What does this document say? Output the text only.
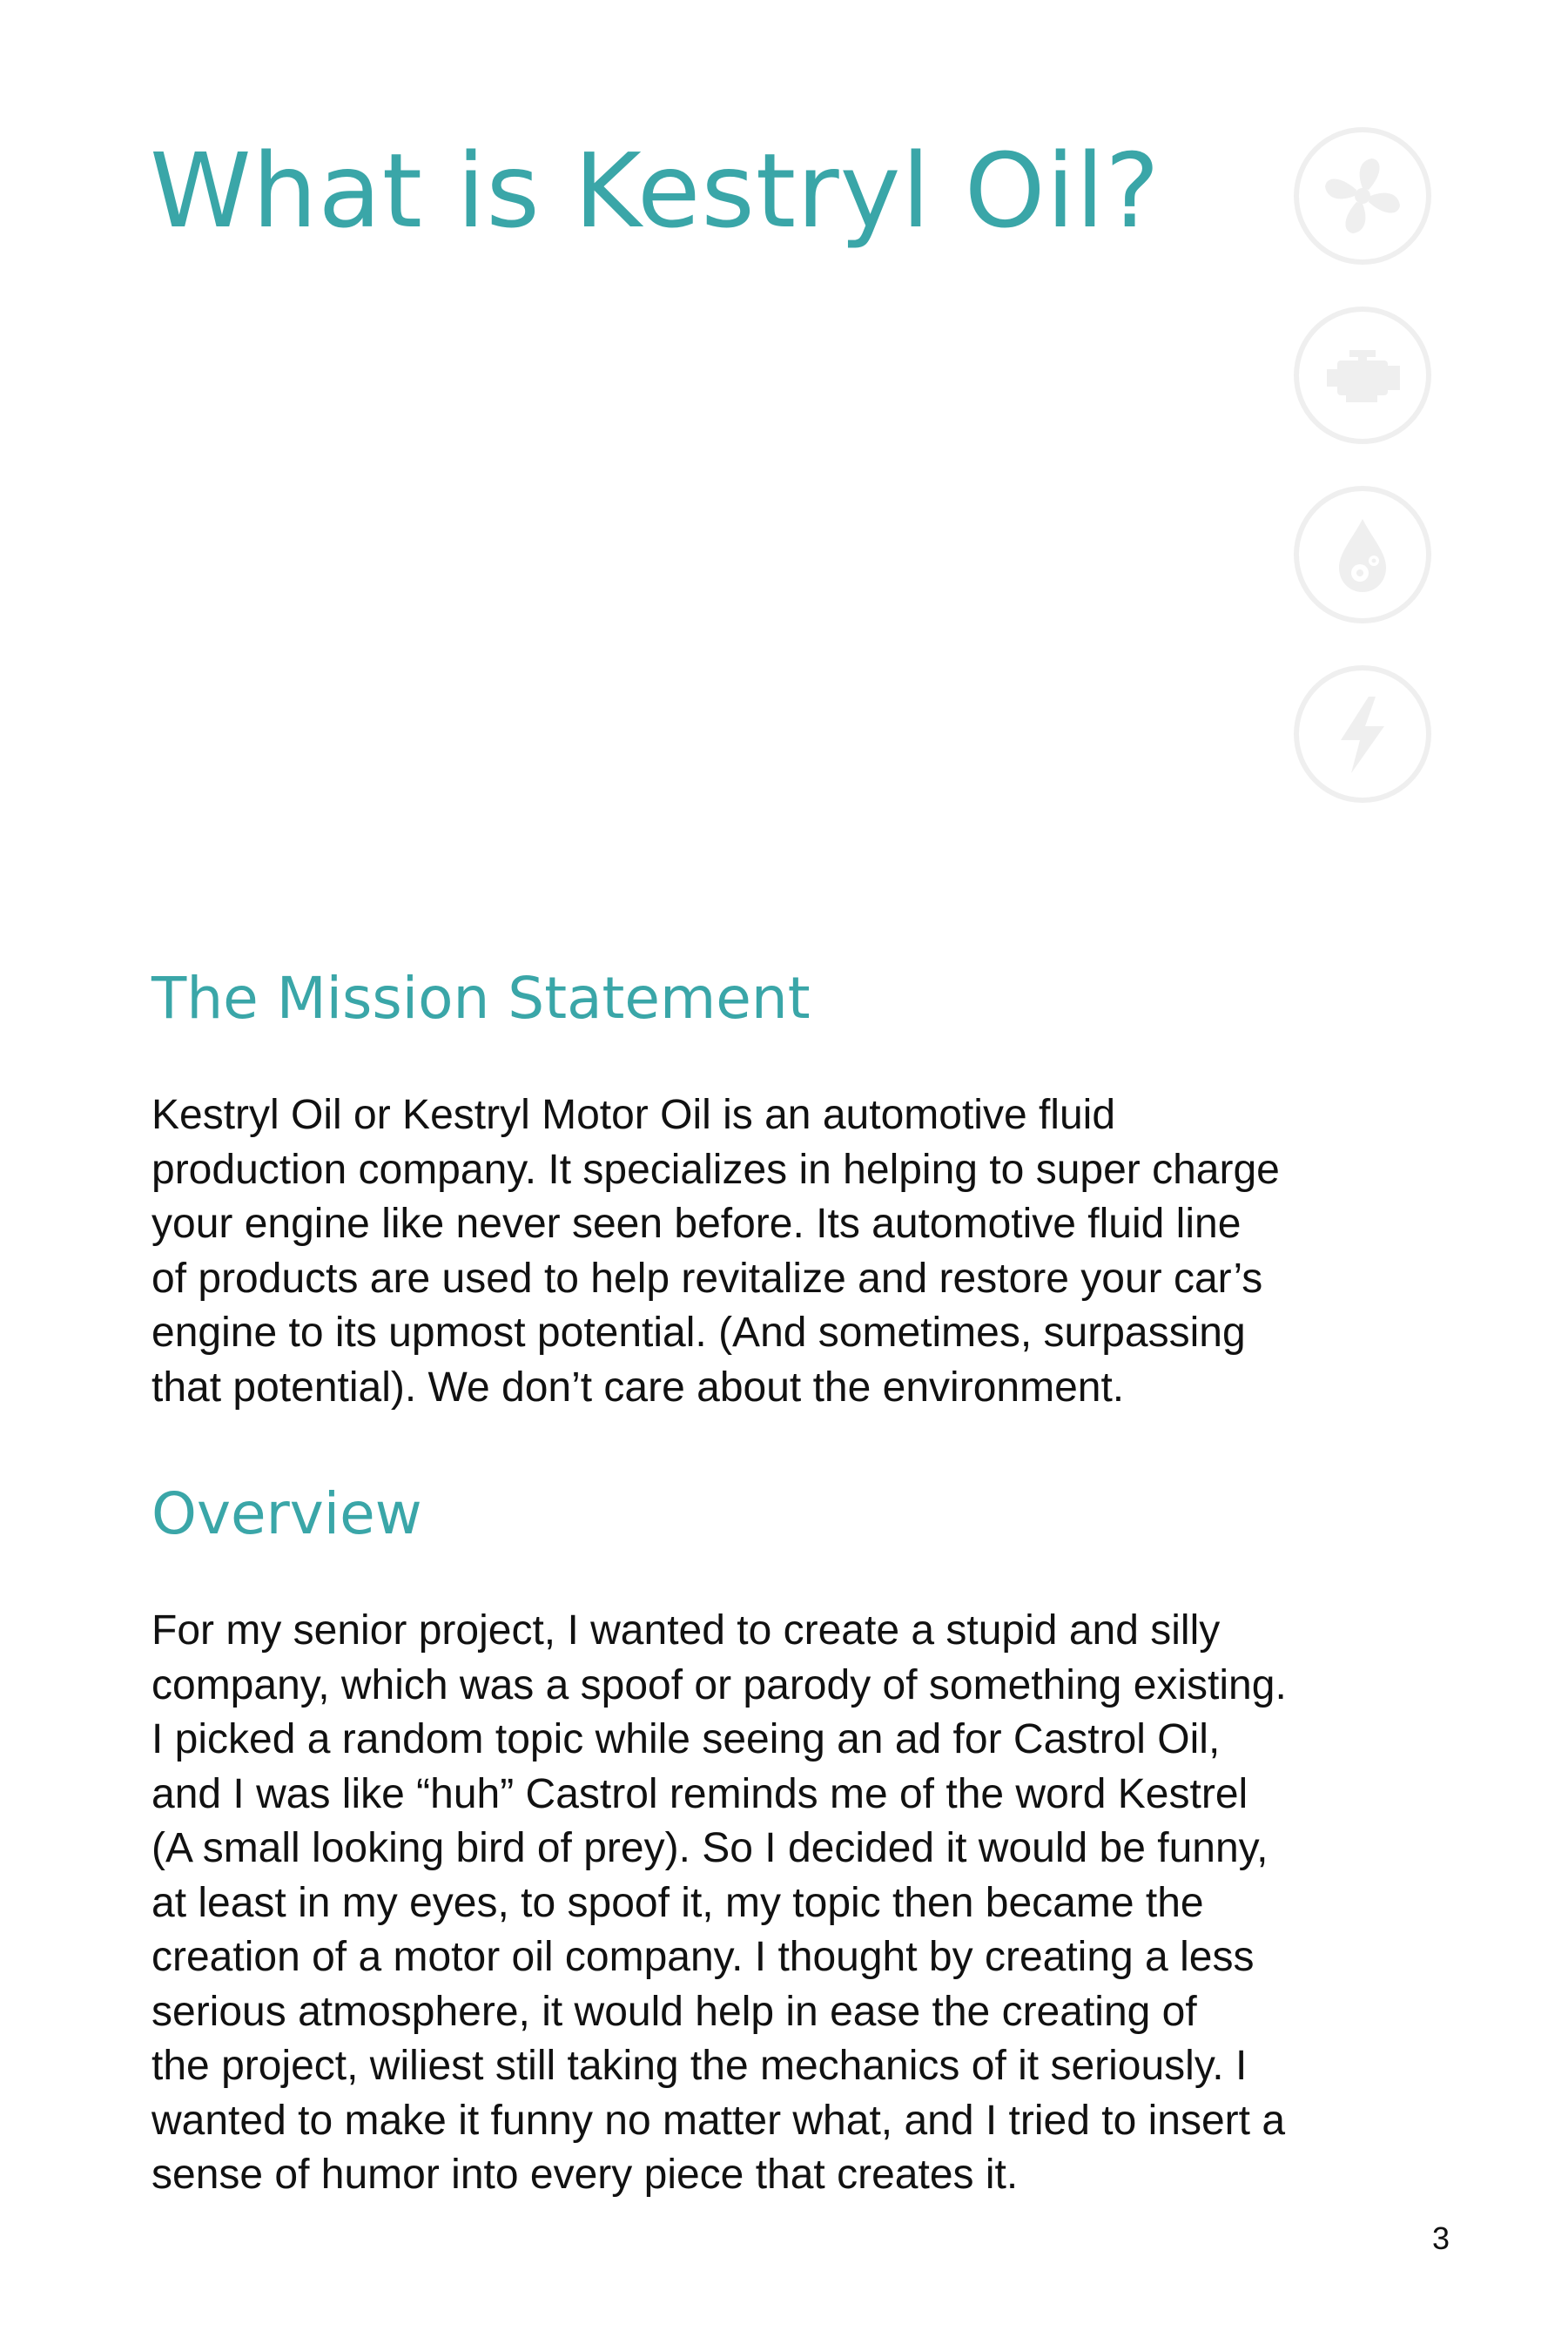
What is Kestryl Oil?
The Mission Statement

Kestryl Oil or Kestryl Motor Oil is an automotive fluid
production company. It specializes in helping to super charge
your engine like never seen before. Its automotive fluid line
of products are used to help revitalize and restore your car’s
engine to its upmost potential. (And sometimes, surpassing
that potential). We don’t care about the environment.

Overview

For my senior project, I wanted to create a stupid and silly
company, which was a spoof or parody of something existing.
I picked a random topic while seeing an ad for Castrol Oil,
and I was like “huh” Castrol reminds me of the word Kestrel
(A small looking bird of prey). So I decided it would be funny,
at least in my eyes, to spoof it, my topic then became the
creation of a motor oil company. I thought by creating a less
serious atmosphere, it would help in ease the creating of
the project, wiliest still taking the mechanics of it seriously. I
wanted to make it funny no matter what, and I tried to insert a
sense of humor into every piece that creates it.

3
